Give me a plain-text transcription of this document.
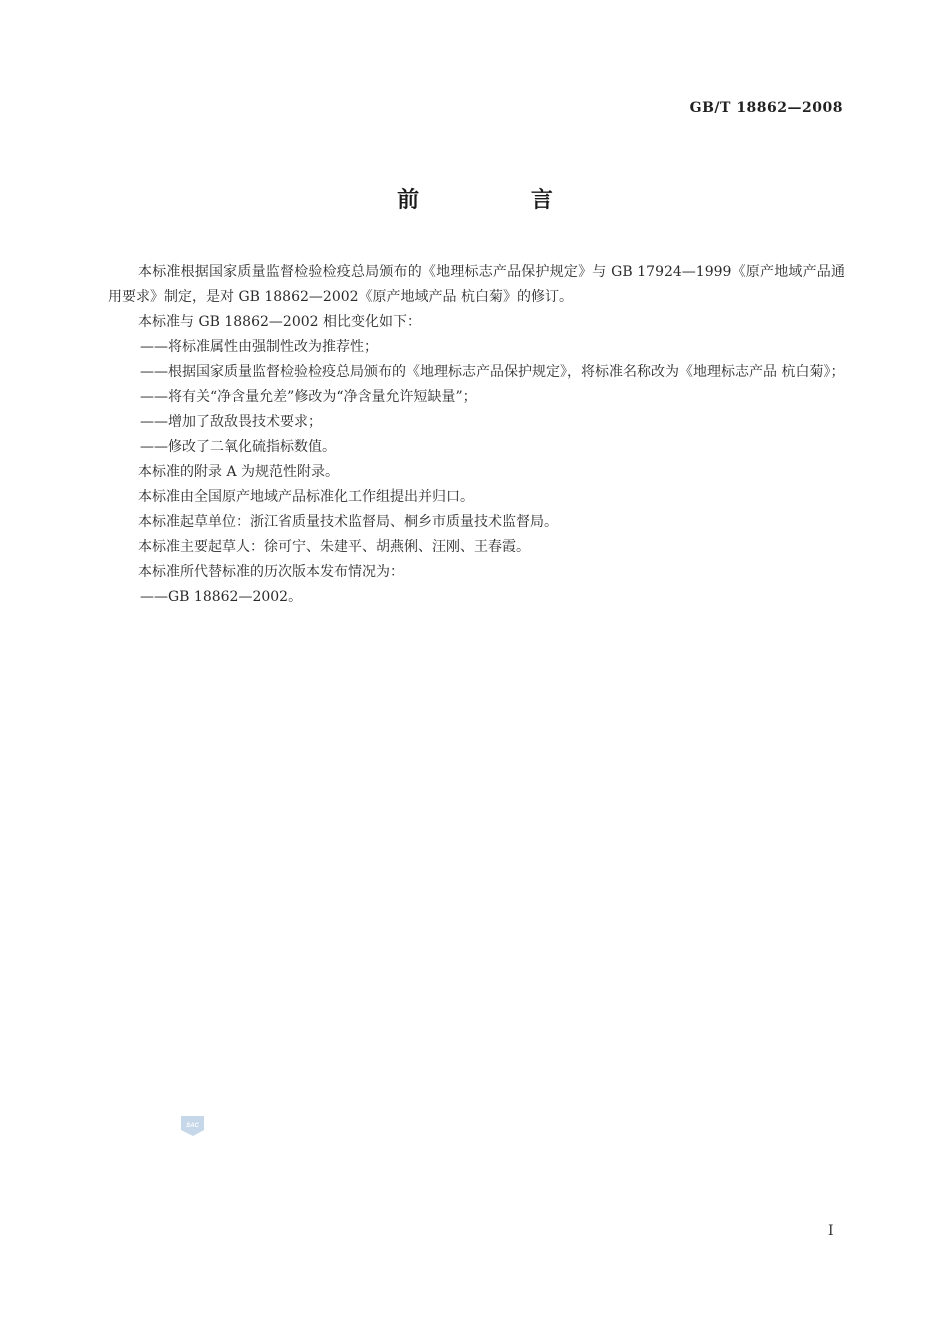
GB/T 18862—2008
前 言

本标准根据国家质量监督检验检疫总局颁布的《地理标志产品保护规定》与 GB 17924—1999《原产地域产品通用要求》制定，是对 GB 18862—2002《原产地域产品 杭白菊》的修订。

本标准与 GB 18862—2002 相比变化如下：

——将标准属性由强制性改为推荐性；

——根据国家质量监督检验检疫总局颁布的《地理标志产品保护规定》，将标准名称改为《地理标志产品 杭白菊》；

——将有关“净含量允差”修改为“净含量允许短缺量”；

——增加了敌敌畏技术要求；

——修改了二氧化硫指标数值。

本标准的附录 A 为规范性附录。

本标准由全国原产地域产品标准化工作组提出并归口。

本标准起草单位：浙江省质量技术监督局、桐乡市质量技术监督局。

本标准主要起草人：徐可宁、朱建平、胡燕俐、汪刚、王春霞。

本标准所代替标准的历次版本发布情况为：

——GB 18862—2002。

SAC
I
